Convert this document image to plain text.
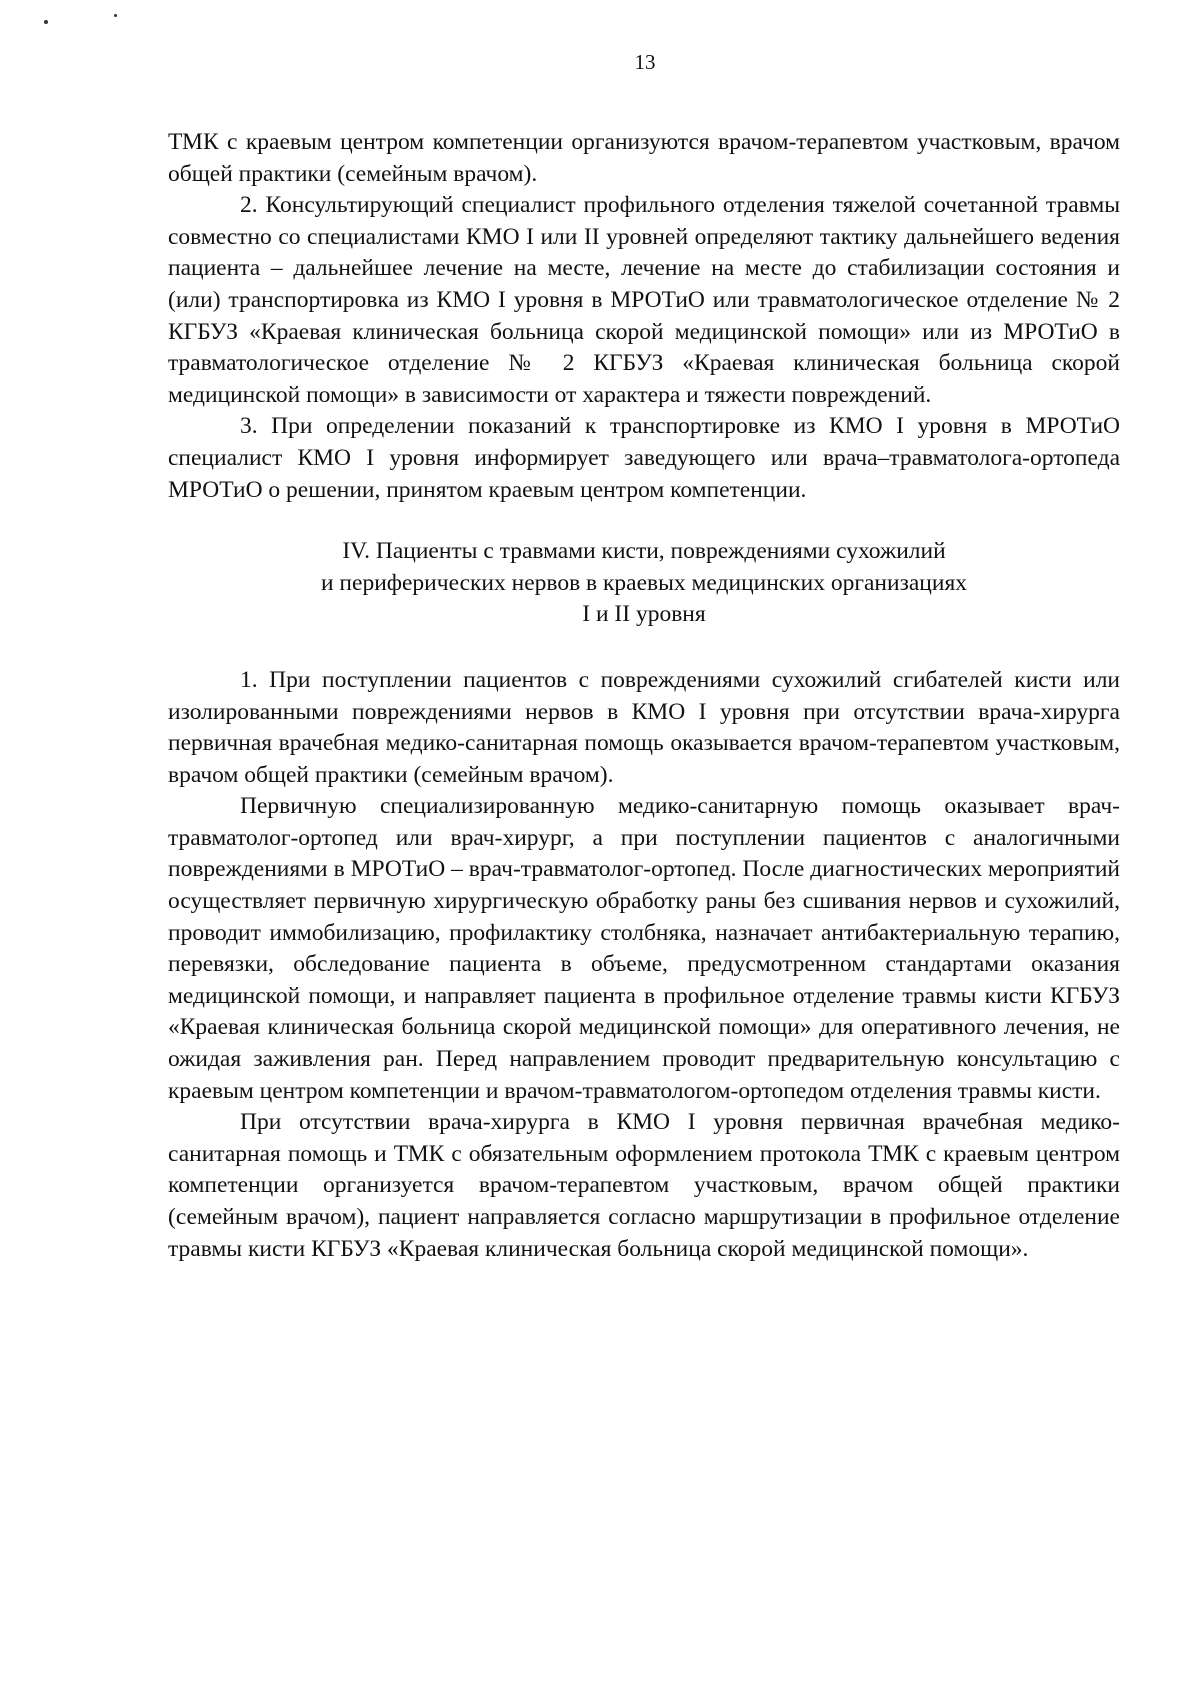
13

ТМК с краевым центром компетенции организуются врачом-терапевтом участковым, врачом общей практики (семейным врачом).

2. Консультирующий специалист профильного отделения тяжелой сочетанной травмы совместно со специалистами КМО I или II уровней определяют тактику дальнейшего ведения пациента – дальнейшее лечение на месте, лечение на месте до стабилизации состояния и (или) транспортировка из КМО I уровня в МРОТиО или травматологическое отделение № 2 КГБУЗ «Краевая клиническая больница скорой медицинской помощи» или из МРОТиО в травматологическое отделение № 2 КГБУЗ «Краевая клиническая больница скорой медицинской помощи» в зависимости от характера и тяжести повреждений.

3. При определении показаний к транспортировке из КМО I уровня в МРОТиО специалист КМО I уровня информирует заведующего или врача–травматолога-ортопеда МРОТиО о решении, принятом краевым центром компетенции.

IV. Пациенты с травмами кисти, повреждениями сухожилий
и периферических нервов в краевых медицинских организациях
I и II уровня

1. При поступлении пациентов с повреждениями сухожилий сгибателей кисти или изолированными повреждениями нервов в КМО I уровня при отсутствии врача-хирурга первичная врачебная медико-санитарная помощь оказывается врачом-терапевтом участковым, врачом общей практики (семейным врачом).

Первичную специализированную медико-санитарную помощь оказывает врач-травматолог-ортопед или врач-хирург, а при поступлении пациентов с аналогичными повреждениями в МРОТиО – врач-травматолог-ортопед. После диагностических мероприятий осуществляет первичную хирургическую обработку раны без сшивания нервов и сухожилий, проводит иммобилизацию, профилактику столбняка, назначает антибактериальную терапию, перевязки, обследование пациента в объеме, предусмотренном стандартами оказания медицинской помощи, и направляет пациента в профильное отделение травмы кисти КГБУЗ «Краевая клиническая больница скорой медицинской помощи» для оперативного лечения, не ожидая заживления ран. Перед направлением проводит предварительную консультацию с краевым центром компетенции и врачом-травматологом-ортопедом отделения травмы кисти.

При отсутствии врача-хирурга в КМО I уровня первичная врачебная медико-санитарная помощь и ТМК с обязательным оформлением протокола ТМК с краевым центром компетенции организуется врачом-терапевтом участковым, врачом общей практики (семейным врачом), пациент направляется согласно маршрутизации в профильное отделение травмы кисти КГБУЗ «Краевая клиническая больница скорой медицинской помощи».
